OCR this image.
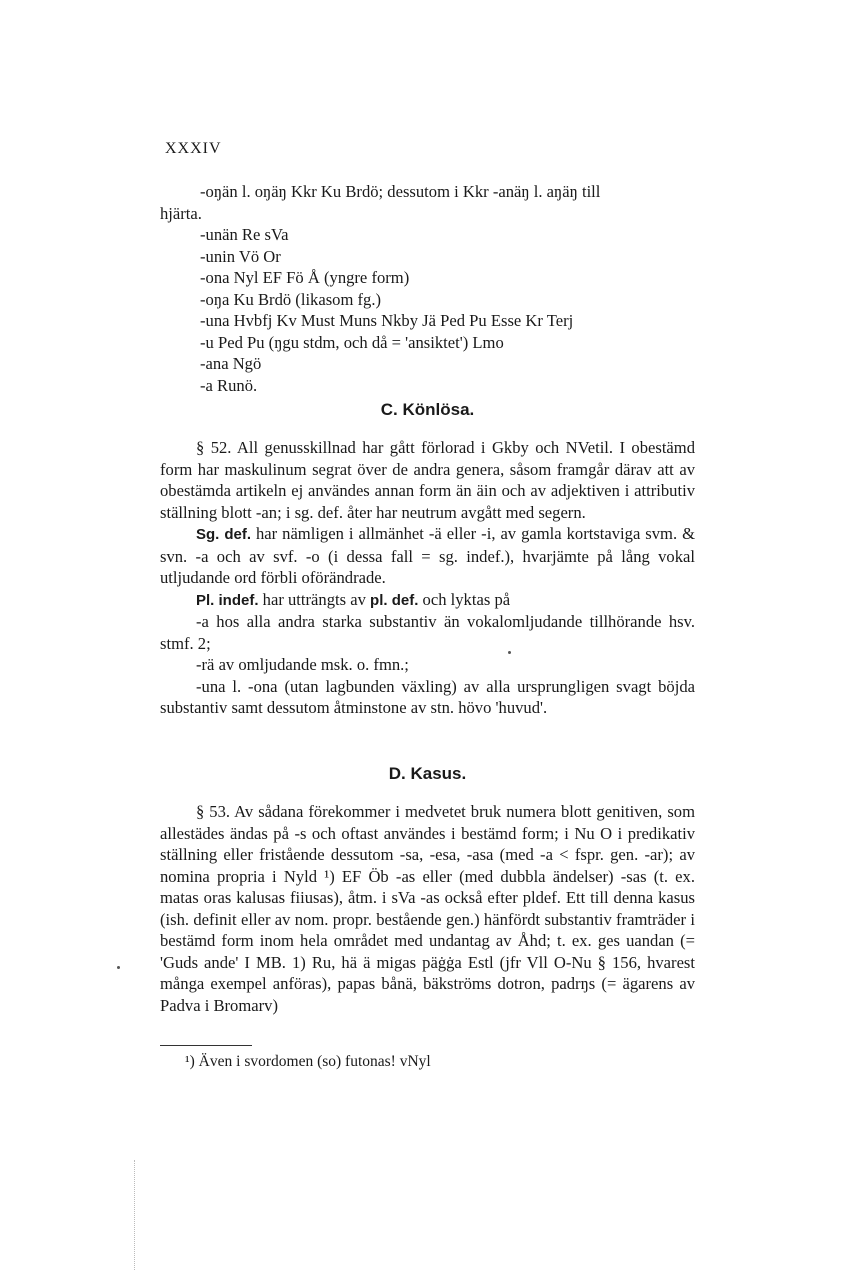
XXXIV
-oŋän l. oŋäŋ Kkr Ku Brdö; dessutom i Kkr -anäŋ l. aŋäŋ till
hjärta.
-unän Re sVa
-unin Vö Or
-ona Nyl EF Fö Å (yngre form)
-oŋa Ku Brdö (likasom fg.)
-una Hvbfj Kv Must Muns Nkby Jä Ped Pu Esse Kr Terj
-u Ped Pu (ŋgu stdm, och då = 'ansiktet') Lmo
-ana Ngö
-a Runö.
C. Könlösa.

§ 52. All genusskillnad har gått förlorad i Gkby och NVetil. I obestämd form har maskulinum segrat över de andra genera, såsom framgår därav att av obestämda artikeln ej användes annan form än äin och av adjektiven i attributiv ställning blott -an; i sg. def. åter har neutrum avgått med segern.

Sg. def. har nämligen i allmänhet -ä eller -i, av gamla kortstaviga svm. & svn. -a och av svf. -o (i dessa fall = sg. indef.), hvarjämte på lång vokal utljudande ord förbli oförändrade.

Pl. indef. har utträngts av pl. def. och lyktas på

-a hos alla andra starka substantiv än vokalomljudande tillhörande hsv. stmf. 2;

-rä av omljudande msk. o. fmn.;

-una l. -ona (utan lagbunden växling) av alla ursprungligen svagt böjda substantiv samt dessutom åtminstone av stn. hövo 'huvud'.

D. Kasus.

§ 53. Av sådana förekommer i medvetet bruk numera blott genitiven, som allestädes ändas på -s och oftast användes i bestämd form; i Nu O i predikativ ställning eller fristående dessutom -sa, -esa, -asa (med -a < fspr. gen. -ar); av nomina propria i Nyld ¹) EF Öb -as eller (med dubbla ändelser) -sas (t. ex. matas oras kalusas fiiusas), åtm. i sVa -as också efter pldef. Ett till denna kasus (ish. definit eller av nom. propr. bestående gen.) hänfördt substantiv framträder i bestämd form inom hela området med undantag av Åhd; t. ex. ges uandan (= 'Guds ande' I MB. 1) Ru, hä ä migas päġġa Estl (jfr Vll O-Nu § 156, hvarest många exempel anföras), papas bånä, bäkströms dotron, padrŋs (= ägarens av Padva i Bromarv)

¹) Även i svordomen (so) futonas! vNyl
